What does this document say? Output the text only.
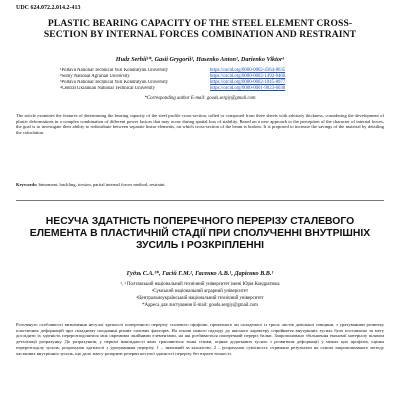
UDC 624.072.2.014.2-413
PLASTIC BEARING CAPACITY OF THE STEEL ELEMENT CROSS-SECTION BY INTERNAL FORCES COMBINATION AND RESTRAINT
Hudz Serhii¹*, Gasii Grygorii², Hasenko Anton¹, Darienko Viktor¹
¹Poltava National Technical Yuri Kondratyuk University	https://orcid.org/0000-0002-4364-8635
²Sumy National Agrarian University	https://orcid.org/0000-0002-1492-0460
³Poltava National Technical Yuri Kondratyuk University	https://orcid.org/0000-0002-1045-8077
⁴Central Ukrainian National Technical University	https://orcid.org/0000-0001-9023-6030
*Corresponding author E-mail: goods.sergiy@gmail.com
The article examines the features of determining the bearing capacity of the steel profile cross-section, rolled or composed from three sheets with arbitrary thickness, considering the development of plastic deformations in a complex combination of different power factors that may occur during spatial loss of stability. Based on a new approach to the perception of the character of internal forces, the goal is to investigate their ability to redistribute between separate linear elements, on which cross-section of the beam is broken. It is proposed to increase the savings of the material by detailing the calculation.
Keywords: bimoment, buckling, torsion, partial internal forces method, restraint.
НЕСУЧА ЗДАТНІСТЬ ПОПЕРЕЧНОГО ПЕРЕРІЗУ СТАЛЕВОГО ЕЛЕМЕНТА В ПЛАСТИЧНІЙ СТАДІЇ ПРИ СПОЛУЧЕННІ ВНУТРІШНІХ ЗУСИЛЬ І РОЗКРІПЛЕННІ
Гудзь С.А.¹*, Гасій Г.М.², Гасенко А.В.¹, Дарієнко В.В.¹
¹, ³ Полтавський національний технічний університет імені Юрія Кондратюка
²Сумський національний аграрний університет
⁴Центральноукраїнський національний технічний університет
*Адреса для листування E-mail: goods.sergiy@gmail.com
Розглянуто особливості визначення несучої здатності поперечного перерізу сталевого профілю, прокатного чи складеного із трьох листів довільної товщини, з урахуванням розвитку пластичних деформацій при складному поєднанні різних силових факторів. На основі нового підходу до якісного характеру сприйняття внутрішніх зусиль було поставлено за мету дослідити їх здатність перерозподілятися між окремими лінійними елементами, на які розбивається поперечний переріз балки. Запропоновано збільшення економії матеріалу шляхом деталізації розрахунку. До розрахунків, у першої інвалідності яких трапляються тонкі стінки, оцінка додаткових зусиль з розвитком деформації у межах цих профілів, оцінка перерозподілу зусиль, розрахунок здатності з урахуванням перерізу. 1 – значимий за кількістю; 2 – розрахунок сумісності; отримано результати на основі запропонованого методу часткових внутрішніх зусиль, що дало змогу розкрити резерви несучої здатності перерізу без втрати точності.
